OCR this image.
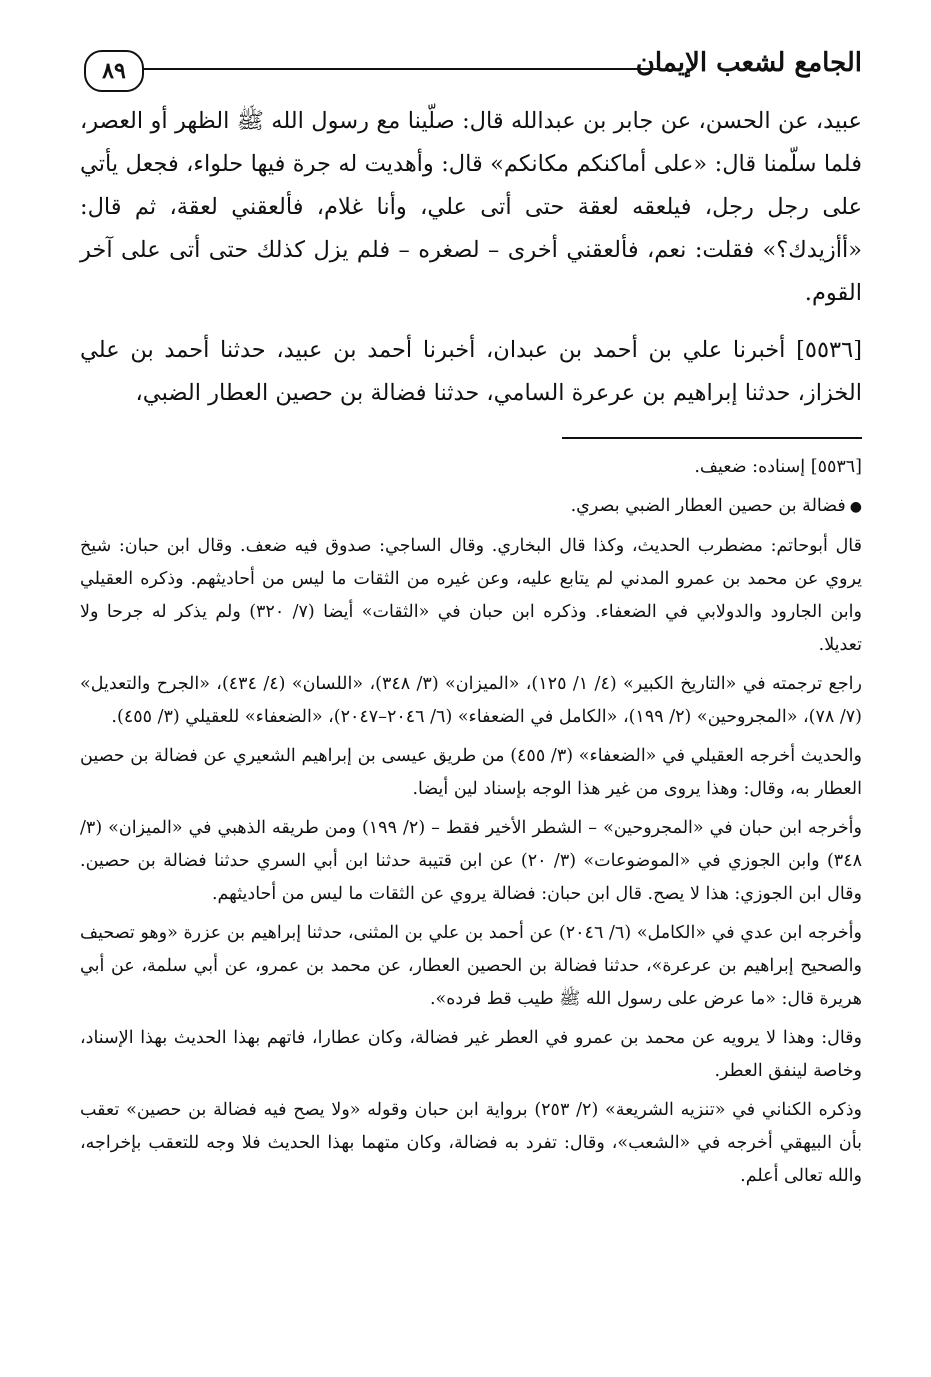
الجامع لشعب الإيمان
٨٩

عبيد، عن الحسن، عن جابر بن عبدالله قال: صلّينا مع رسول الله ﷺ الظهر أو العصر، فلما سلّمنا قال: «على أماكنكم مكانكم» قال: وأهديت له جرة فيها حلواء، فجعل يأتي على رجل رجل، فيلعقه لعقة حتى أتى علي، وأنا غلام، فألعقني لعقة، ثم قال: «أأزيدك؟» فقلت: نعم، فألعقني أخرى – لصغره – فلم يزل كذلك حتى أتى على آخر القوم.

[٥٥٣٦] أخبرنا علي بن أحمد بن عبدان، أخبرنا أحمد بن عبيد، حدثنا أحمد بن علي الخزاز، حدثنا إبراهيم بن عرعرة السامي، حدثنا فضالة بن حصين العطار الضبي،

[٥٥٣٦] إسناده: ضعيف.

●فضالة بن حصين العطار الضبي بصري.

قال أبوحاتم: مضطرب الحديث، وكذا قال البخاري. وقال الساجي: صدوق فيه ضعف. وقال ابن حبان: شيخ يروي عن محمد بن عمرو المدني لم يتابع عليه، وعن غيره من الثقات ما ليس من أحاديثهم. وذكره العقيلي وابن الجارود والدولابي في الضعفاء. وذكره ابن حبان في «الثقات» أيضا (٧/ ٣٢٠) ولم يذكر له جرحا ولا تعديلا.

راجع ترجمته في «التاريخ الكبير» (٤/ ١/ ١٢٥)، «الميزان» (٣/ ٣٤٨)، «اللسان» (٤/ ٤٣٤)، «الجرح والتعديل» (٧/ ٧٨)، «المجروحين» (٢/ ١٩٩)، «الكامل في الضعفاء» (٦/ ٢٠٤٦–٢٠٤٧)، «الضعفاء» للعقيلي (٣/ ٤٥٥).

والحديث أخرجه العقيلي في «الضعفاء» (٣/ ٤٥٥) من طريق عيسى بن إبراهيم الشعيري عن فضالة بن حصين العطار به، وقال: وهذا يروى من غير هذا الوجه بإسناد لين أيضا.

وأخرجه ابن حبان في «المجروحين» – الشطر الأخير فقط – (٢/ ١٩٩) ومن طريقه الذهبي في «الميزان» (٣/ ٣٤٨) وابن الجوزي في «الموضوعات» (٣/ ٢٠) عن ابن قتيبة حدثنا ابن أبي السري حدثنا فضالة بن حصين. وقال ابن الجوزي: هذا لا يصح. قال ابن حبان: فضالة يروي عن الثقات ما ليس من أحاديثهم.

وأخرجه ابن عدي في «الكامل» (٦/ ٢٠٤٦) عن أحمد بن علي بن المثنى، حدثنا إبراهيم بن عزرة «وهو تصحيف والصحيح إبراهيم بن عرعرة»، حدثنا فضالة بن الحصين العطار، عن محمد بن عمرو، عن أبي سلمة، عن أبي هريرة قال: «ما عرض على رسول الله ﷺ طيب قط فرده».

وقال: وهذا لا يرويه عن محمد بن عمرو في العطر غير فضالة، وكان عطارا، فاتهم بهذا الحديث بهذا الإسناد، وخاصة لينفق العطر.

وذكره الكناني في «تنزيه الشريعة» (٢/ ٢٥٣) برواية ابن حبان وقوله «ولا يصح فيه فضالة بن حصين» تعقب بأن البيهقي أخرجه في «الشعب»، وقال: تفرد به فضالة، وكان متهما بهذا الحديث فلا وجه للتعقب بإخراجه، والله تعالى أعلم.
